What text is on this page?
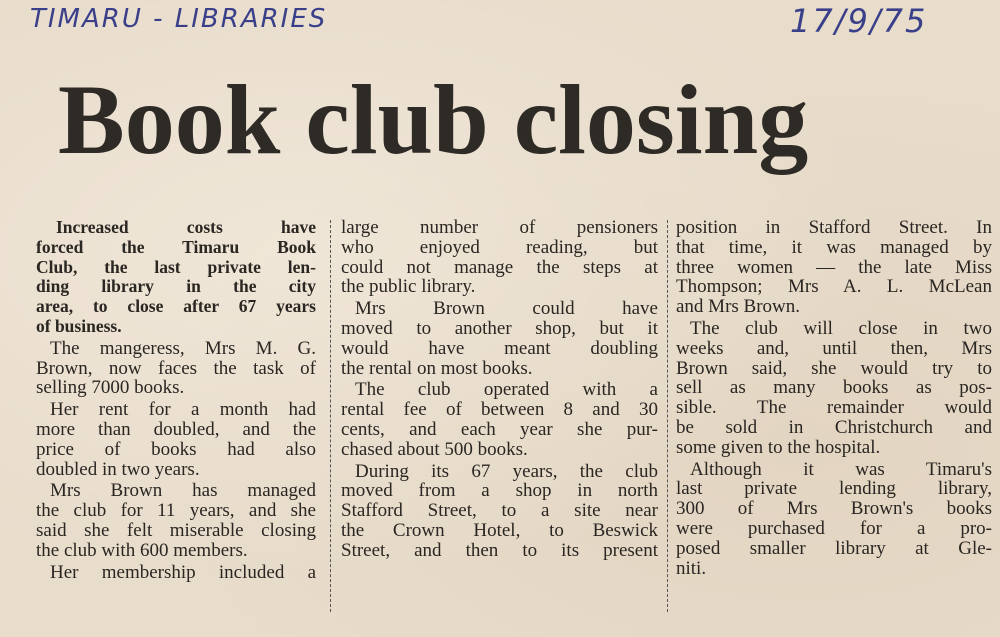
TIMARU - LIBRARIES	17/9/75
Book club closing
Increased costs have
forced the Timaru Book
Club, the last private len-
ding library in the city
area, to close after 67 years
of business.
The mangeress, Mrs M. G.
Brown, now faces the task of
selling 7000 books.
Her rent for a month had
more than doubled, and the
price of books had also
doubled in two years.
Mrs Brown has managed
the club for 11 years, and she
said she felt miserable closing
the club with 600 members.
Her membership included a
large number of pensioners
who enjoyed reading, but
could not manage the steps at
the public library.
Mrs Brown could have
moved to another shop, but it
would have meant doubling
the rental on most books.
The club operated with a
rental fee of between 8 and 30
cents, and each year she pur-
chased about 500 books.
During its 67 years, the club
moved from a shop in north
Stafford Street, to a site near
the Crown Hotel, to Beswick
Street, and then to its present
position in Stafford Street. In
that time, it was managed by
three women — the late Miss
Thompson; Mrs A. L. McLean
and Mrs Brown.
The club will close in two
weeks and, until then, Mrs
Brown said, she would try to
sell as many books as pos-
sible. The remainder would
be sold in Christchurch and
some given to the hospital.
Although it was Timaru's
last private lending library,
300 of Mrs Brown's books
were purchased for a pro-
posed smaller library at Gle-
niti.
